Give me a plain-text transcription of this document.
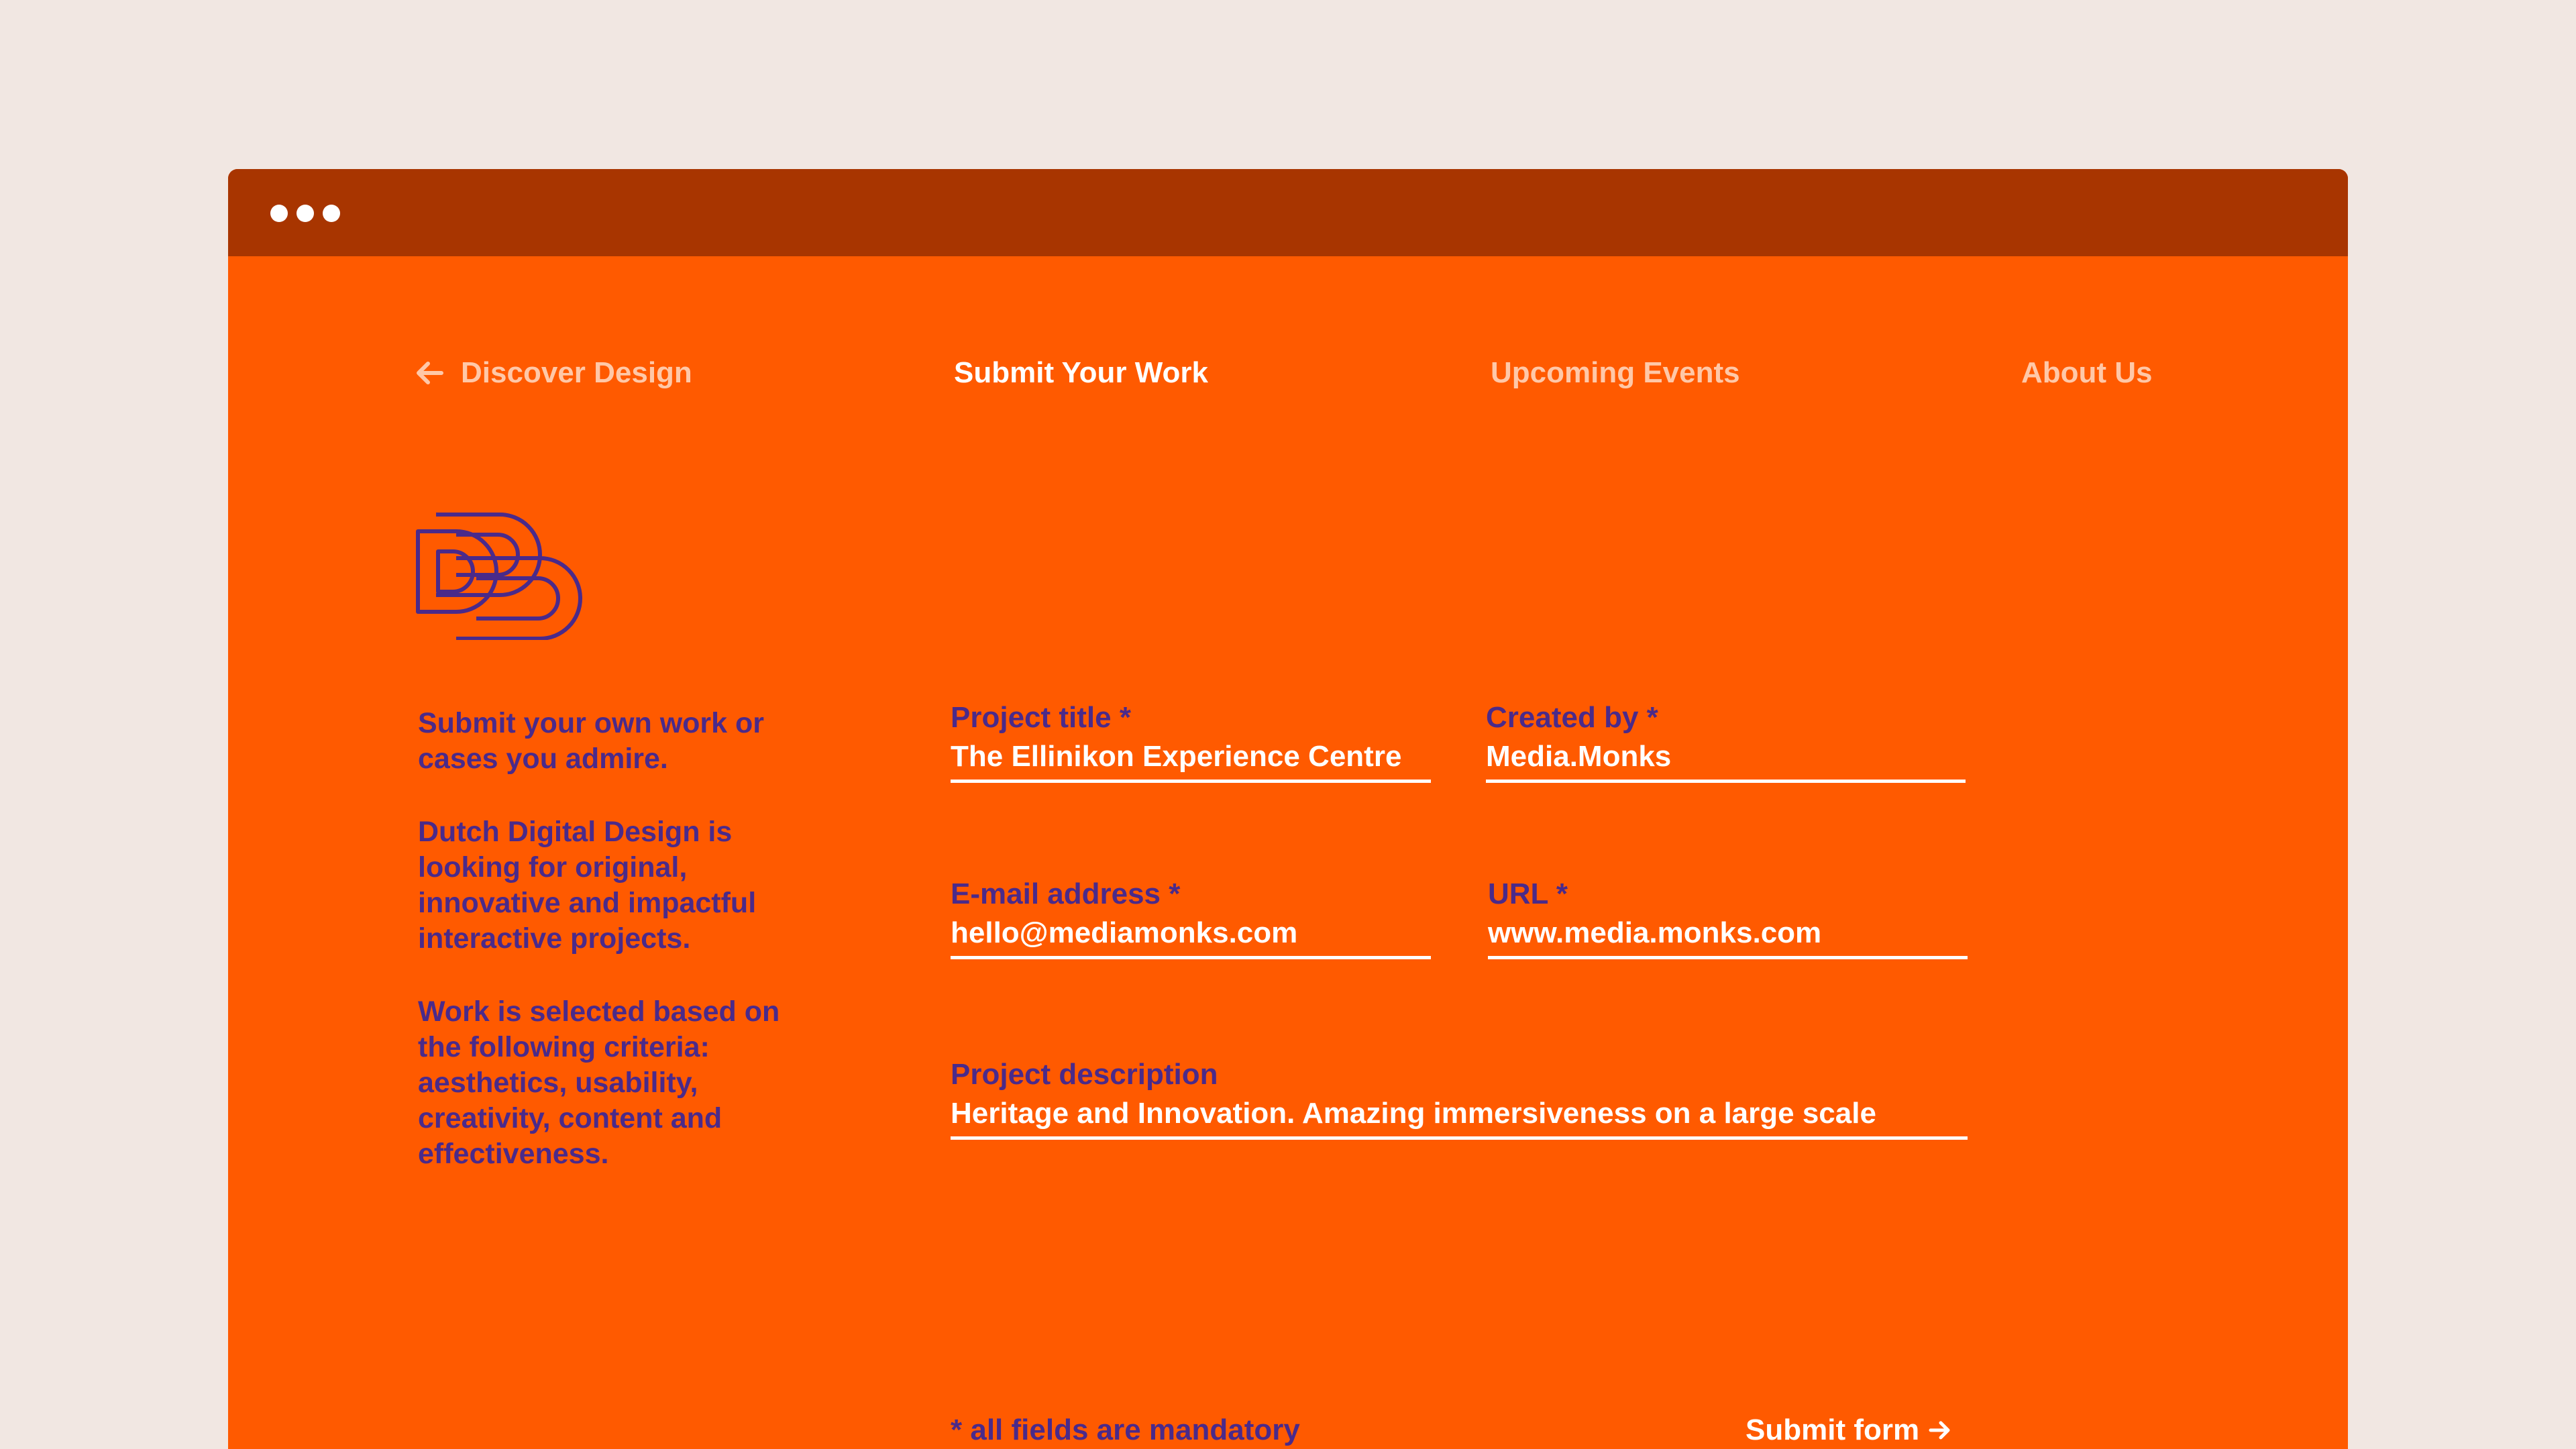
Discover Design	Submit Your Work	Upcoming Events	About Us

Submit your own work or cases you admire.

Dutch Digital Design is looking for original, innovative and impactful interactive projects.

Work is selected based on the following criteria: aesthetics, usability, creativity, content and effectiveness.

Project title *
The Ellinikon Experience Centre
Created by *
Media.Monks
E-mail address *
hello@mediamonks.com
URL *
www.media.monks.com
Project description
Heritage and Innovation. Amazing immersiveness on a large scale
* all fields are mandatory	Submit form
